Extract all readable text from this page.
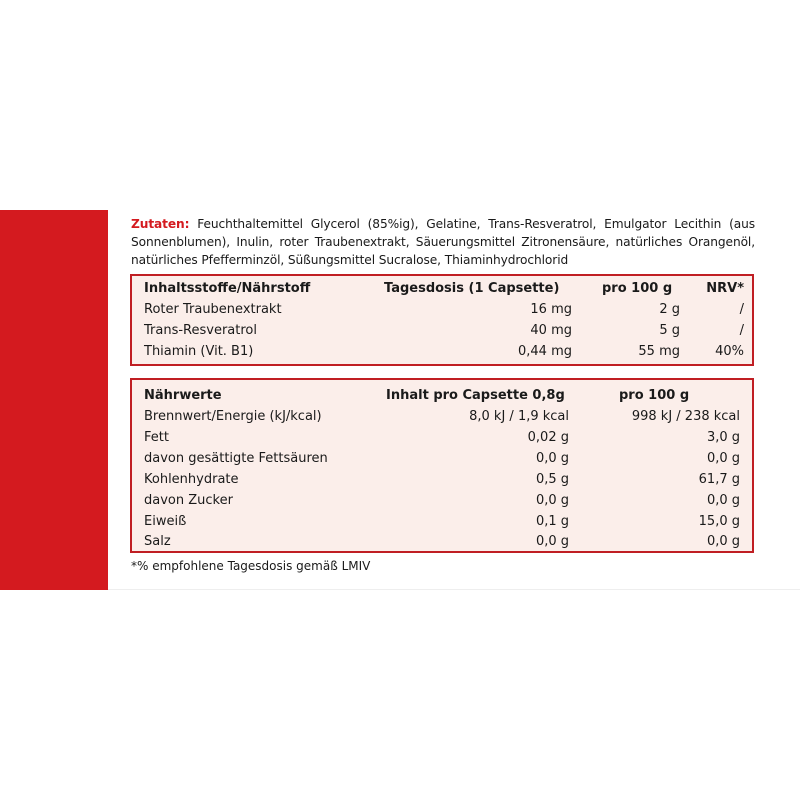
Zutaten: Feuchthaltemittel Glycerol (85%ig), Gelatine, Trans-Resveratrol, Emulgator Lecithin (aus Sonnenblumen), Inulin, roter Traubenextrakt, Säuerungsmittel Zitronensäure, natürliches Orangenöl, natürliches Pfefferminzöl, Süßungsmittel Sucralose, Thiaminhydrochlorid
Inhaltsstoffe/Nährstoff	Tagesdosis (1 Capsette)	pro 100 g	NRV*
Roter Traubenextrakt	16 mg	2 g	/
Trans-Resveratrol	40 mg	5 g	/
Thiamin (Vit. B1)	0,44 mg	55 mg	40%
Nährwerte	Inhalt pro Capsette 0,8g	pro 100 g
Brennwert/Energie (kJ/kcal)	8,0 kJ / 1,9 kcal	998 kJ / 238 kcal
Fett	0,02 g	3,0 g
davon gesättigte Fettsäuren	0,0 g	0,0 g
Kohlenhydrate	0,5 g	61,7 g
davon Zucker	0,0 g	0,0 g
Eiweiß	0,1 g	15,0 g
Salz	0,0 g	0,0 g
*% empfohlene Tagesdosis gemäß LMIV
